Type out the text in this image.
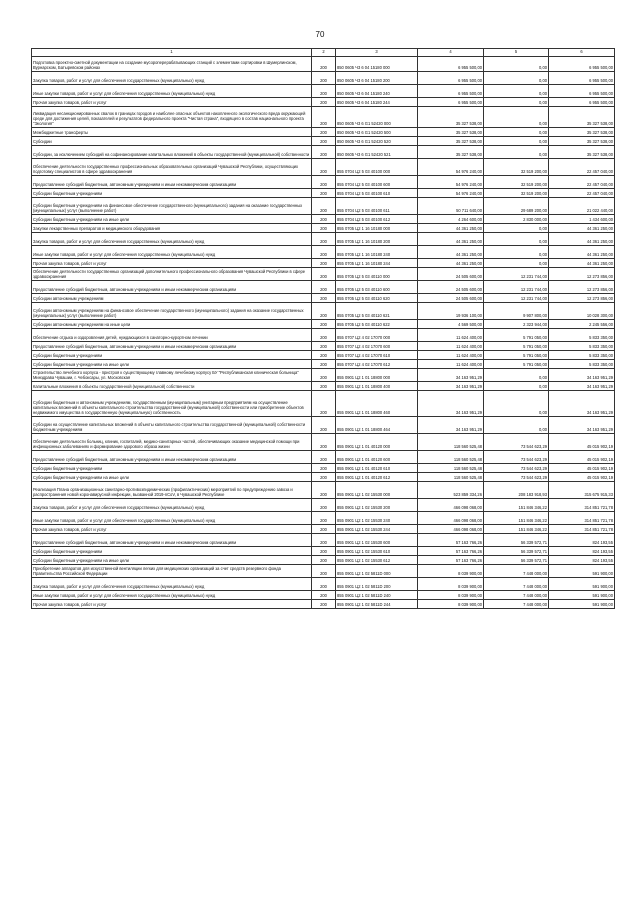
70
1	2	3	4	5	6
Подготовка проектно-сметной документации на создание мусороперерабатывающих станций с элементами сортировки в Шумерлинском, Вурнарском, Батыревском районах	200	850 0605 Ч3 6 04 15180 000	6 955 500,00	0,00	6 955 500,00
Закупка товаров, работ и услуг для обеспечения государственных (муниципальных) нужд	200	850 0605 Ч3 6 04 15180 200	6 955 500,00	0,00	6 955 500,00
Иные закупки товаров, работ и услуг для обеспечения государственных (муниципальных) нужд	200	850 0605 Ч3 6 04 15180 240	6 955 500,00	0,00	6 955 500,00
Прочая закупка товаров, работ и услуг	200	850 0605 Ч3 6 04 15180 244	6 955 500,00	0,00	6 955 500,00
Ликвидация несанкционированных свалок в границах городов и наиболее опасных объектов накопленного экологического вреда окружающей среде для достижения целей, показателей и результатов федерального проекта "Чистая страна", входящего в состав национального проекта "Экология"	200	850 0605 Ч3 6 G1 52420 000	35 327 538,00	0,00	35 327 538,00
Межбюджетные трансферты	200	850 0605 Ч3 6 G1 52420 500	35 327 538,00	0,00	35 327 538,00
Субсидии	200	850 0605 Ч3 6 G1 52420 520	35 327 538,00	0,00	35 327 538,00
Субсидии, за исключением субсидий на софинансирование капитальных вложений в объекты государственной (муниципальной) собственности	200	850 0605 Ч3 6 G1 52420 521	35 327 538,00	0,00	35 327 538,00
Обеспечение деятельности государственных профессиональных образовательных организаций Чувашской Республики, осуществляющих подготовку специалистов в сфере здравоохранения	200	855 0704 Ц2 5 03 40100 000	54 976 240,00	32 519 200,00	22 457 040,00
Предоставление субсидий бюджетным, автономным учреждениям и иным некоммерческим организациям	200	855 0704 Ц2 5 03 40100 600	54 976 240,00	32 519 200,00	22 457 040,00
Субсидии бюджетным учреждениям	200	855 0704 Ц2 5 03 40100 610	54 976 240,00	32 519 200,00	22 457 040,00
Субсидии бюджетным учреждениям на финансовое обеспечение государственного (муниципального) задания на оказание государственных (муниципальных) услуг (выполнение работ)	200	855 0704 Ц2 5 03 40100 611	50 711 640,00	29 689 200,00	21 022 440,00
Субсидии бюджетным учреждениям на иные цели	200	855 0704 Ц2 5 03 40100 612	4 264 600,00	2 830 000,00	1 434 600,00
Закупки лекарственных препаратов и медицинского оборудования	200	855 0705 Ц2 1 16 10180 000	44 361 250,00	0,00	44 361 250,00
Закупка товаров, работ и услуг для обеспечения государственных (муниципальных) нужд	200	855 0705 Ц2 1 16 10180 200	44 361 250,00	0,00	44 361 250,00
Иные закупки товаров, работ и услуг для обеспечения государственных (муниципальных) нужд	200	855 0705 Ц2 1 16 10180 240	44 361 250,00	0,00	44 361 250,00
Прочая закупка товаров, работ и услуг	200	855 0705 Ц2 1 16 10180 244	44 361 250,00	0,00	44 361 250,00
Обеспечение деятельности государственных организаций дополнительного профессионального образования Чувашской Республики в сфере здравоохранения	200	855 0705 Ц2 5 03 40110 000	24 505 600,00	12 231 744,00	12 273 856,00
Предоставление субсидий бюджетным, автономным учреждениям и иным некоммерческим организациям	200	855 0705 Ц2 5 03 40110 600	24 505 600,00	12 231 744,00	12 273 856,00
Субсидии автономным учреждениям	200	855 0705 Ц2 5 03 40110 620	24 505 600,00	12 231 744,00	12 273 856,00
Субсидии автономным учреждениям на финансовое обеспечение государственного (муниципального) задания на оказание государственных (муниципальных) услуг (выполнение работ)	200	855 0705 Ц2 5 03 40110 621	19 936 100,00	9 907 800,00	10 028 300,00
Субсидии автономным учреждениям на иные цели	200	855 0705 Ц2 5 03 40110 622	4 569 500,00	2 323 944,00	2 245 556,00
Обеспечение отдыха и оздоровления детей, нуждающихся в санаторно-курортном лечении	200	855 0707 Ц2 4 02 17070 000	11 624 400,00	5 791 050,00	5 833 350,00
Предоставление субсидий бюджетным, автономным учреждениям и иным некоммерческим организациям	200	855 0707 Ц2 4 02 17070 600	11 624 400,00	5 791 050,00	5 833 350,00
Субсидии бюджетным учреждениям	200	855 0707 Ц2 4 02 17070 610	11 624 400,00	5 791 050,00	5 833 350,00
Субсидии бюджетным учреждениям на иные цели	200	855 0707 Ц2 4 02 17070 612	11 624 400,00	5 791 050,00	5 833 350,00
Строительство лечебного корпуса - пристроя к существующему главному лечебному корпусу БУ "Республиканская клиническая больница" Минздрава Чувашии, г. Чебоксары, ул. Московская	200	855 0901 Ц2 1 01 18800 000	34 163 951,29	0,00	34 163 951,29
Капитальные вложения в объекты государственной (муниципальной) собственности	200	855 0901 Ц2 1 01 18800 400	34 163 951,29	0,00	34 163 951,29
Субсидии бюджетным и автономным учреждениям, государственным (муниципальным) унитарным предприятиям на осуществление капитальных вложений в объекты капитального строительства государственной (муниципальной) собственности или приобретение объектов недвижимого имущества в государственную (муниципальную) собственность	200	855 0901 Ц2 1 01 18800 460	34 163 951,29	0,00	34 163 951,29
Субсидии на осуществление капитальных вложений в объекты капитального строительства государственной (муниципальной) собственности бюджетным учреждениям	200	855 0901 Ц2 1 01 18800 464	34 163 951,29	0,00	34 163 951,29
Обеспечение деятельности больниц, клиник, госпиталей, медико-санитарных частей, обеспечивающих оказание медицинской помощи при инфекционных заболеваниях и формирование здорового образа жизни	200	855 0901 Ц2 1 01 40120 000	118 560 525,48	73 544 623,29	45 015 902,19
Предоставление субсидий бюджетным, автономным учреждениям и иным некоммерческим организациям	200	855 0901 Ц2 1 01 40120 600	118 560 525,48	73 544 623,29	45 015 902,19
Субсидии бюджетным учреждениям	200	855 0901 Ц2 1 01 40120 610	118 560 525,48	73 544 623,29	45 015 902,19
Субсидии бюджетным учреждениям на иные цели	200	855 0901 Ц2 1 01 40120 612	118 560 525,48	73 544 623,29	45 015 902,19
Реализация Плана организационных санитарно-противоэпидемических (профилактических) мероприятий по предупреждению завоза и распространения новой коронавирусной инфекции, вызванной 2019-nCoV, в Чувашской Республике	200	855 0901 Ц2 1 02 15530 000	523 859 334,26	208 183 918,93	315 675 915,33
Закупка товаров, работ и услуг для обеспечения государственных (муниципальных) нужд	200	855 0901 Ц2 1 02 15530 200	466 098 068,00	151 846 346,22	314 851 721,78
Иные закупки товаров, работ и услуг для обеспечения государственных (муниципальных) нужд	200	855 0901 Ц2 1 02 15530 240	466 098 068,00	151 846 346,22	314 851 721,78
Прочая закупка товаров, работ и услуг	200	855 0901 Ц2 1 02 15530 244	466 098 068,00	151 846 346,22	314 851 721,78
Предоставление субсидий бюджетным, автономным учреждениям и иным некоммерческим организациям	200	855 0901 Ц2 1 02 15530 600	57 163 766,26	56 339 572,71	824 193,55
Субсидии бюджетным учреждениям	200	855 0901 Ц2 1 02 15530 610	57 163 766,26	56 339 572,71	824 193,55
Субсидии бюджетным учреждениям на иные цели	200	855 0901 Ц2 1 02 15530 612	57 163 766,26	56 339 572,71	824 193,55
Приобретение аппаратов для искусственной вентиляции легких для медицинских организаций за счет средств резервного фонда Правительства Российской Федерации	200	855 0901 Ц2 1 02 5811D 000	8 039 900,00	7 448 000,00	591 900,00
Закупка товаров, работ и услуг для обеспечения государственных (муниципальных) нужд	200	855 0901 Ц2 1 02 5811D 200	8 039 900,00	7 448 000,00	591 900,00
Иные закупки товаров, работ и услуг для обеспечения государственных (муниципальных) нужд	200	855 0901 Ц2 1 02 5811D 240	8 039 900,00	7 448 000,00	591 900,00
Прочая закупка товаров, работ и услуг	200	855 0901 Ц2 1 02 5811D 244	8 039 900,00	7 448 000,00	591 900,00
